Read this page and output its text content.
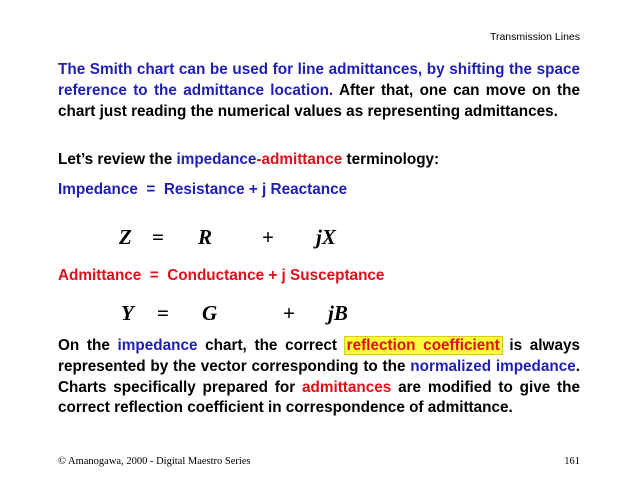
Transmission Lines
The Smith chart can be used for line admittances, by shifting the space reference to the admittance location. After that, one can move on the chart just reading the numerical values as representing admittances.
Let’s review the impedance-admittance terminology:
Impedance  =  Resistance + j Reactance
Z = R + jX
Admittance  =  Conductance + j Susceptance
Y = G	+ jB
On the impedance chart, the correct reflection coefficient is always represented by the vector corresponding to the normalized impedance.    Charts specifically prepared for admittances are modified to give the correct reflection coefficient in correspondence of admittance.
© Amanogawa, 2000 - Digital Maestro Series	161
